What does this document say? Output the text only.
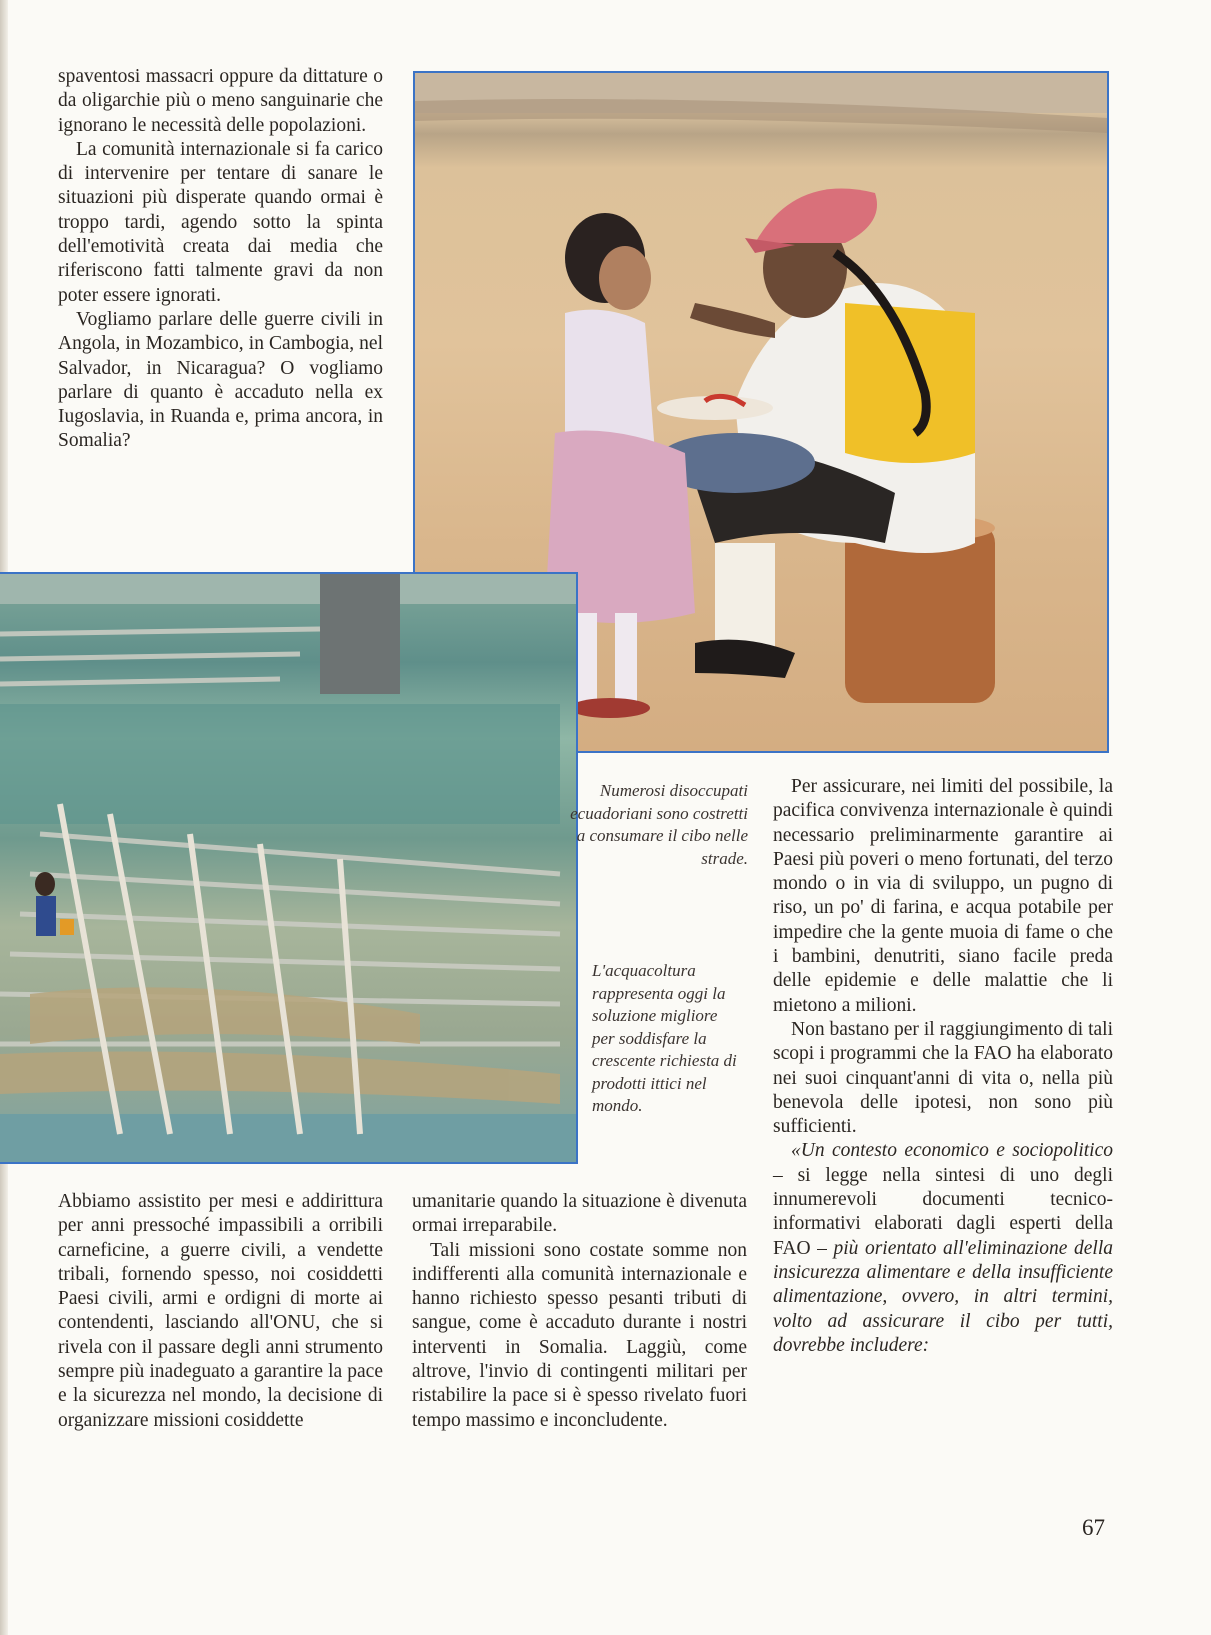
spaventosi massacri oppure da dittature o da oligarchie più o meno sanguinarie che ignorano le necessità delle popolazioni.

La comunità internazionale si fa carico di intervenire per tentare di sanare le situazioni più disperate quando ormai è troppo tardi, agendo sotto la spinta dell'emotività creata dai media che riferiscono fatti talmente gravi da non poter essere ignorati.

Vogliamo parlare delle guerre civili in Angola, in Mozambico, in Cambogia, nel Salvador, in Nicaragua? O vogliamo parlare di quanto è accaduto nella ex Iugoslavia, in Ruanda e, prima ancora, in Somalia?

Numerosi disoccupati ecuadoriani sono costretti a consumare il cibo nelle strade.
L'acquacoltura rappresenta oggi la soluzione migliore per soddisfare la crescente richiesta di prodotti ittici nel mondo.

Per assicurare, nei limiti del possibile, la pacifica convivenza internazionale è quindi necessario preliminarmente garantire ai Paesi più poveri o meno fortunati, del terzo mondo o in via di sviluppo, un pugno di riso, un po' di farina, e acqua potabile per impedire che la gente muoia di fame o che i bambini, denutriti, siano facile preda delle epidemie e delle malattie che li mietono a milioni.

Non bastano per il raggiungimento di tali scopi i programmi che la FAO ha elaborato nei suoi cinquant'anni di vita o, nella più benevola delle ipotesi, non sono più sufficienti.

«Un contesto economico e sociopolitico – si legge nella sintesi di uno degli innumerevoli documenti tecnico-informativi elaborati dagli esperti della FAO – più orientato all'eliminazione della insicurezza alimentare e della insufficiente alimentazione, ovvero, in altri termini, volto ad assicurare il cibo per tutti, dovrebbe includere:

Abbiamo assistito per mesi e addirittura per anni pressoché impassibili a orribili carneficine, a guerre civili, a vendette tribali, fornendo spesso, noi cosiddetti Paesi civili, armi e ordigni di morte ai contendenti, lasciando all'ONU, che si rivela con il passare degli anni strumento sempre più inadeguato a garantire la pace e la sicurezza nel mondo, la decisione di organizzare missioni cosiddette

umanitarie quando la situazione è divenuta ormai irreparabile.

Tali missioni sono costate somme non indifferenti alla comunità internazionale e hanno richiesto spesso pesanti tributi di sangue, come è accaduto durante i nostri interventi in Somalia. Laggiù, come altrove, l'invio di contingenti militari per ristabilire la pace si è spesso rivelato fuori tempo massimo e inconcludente.

67
